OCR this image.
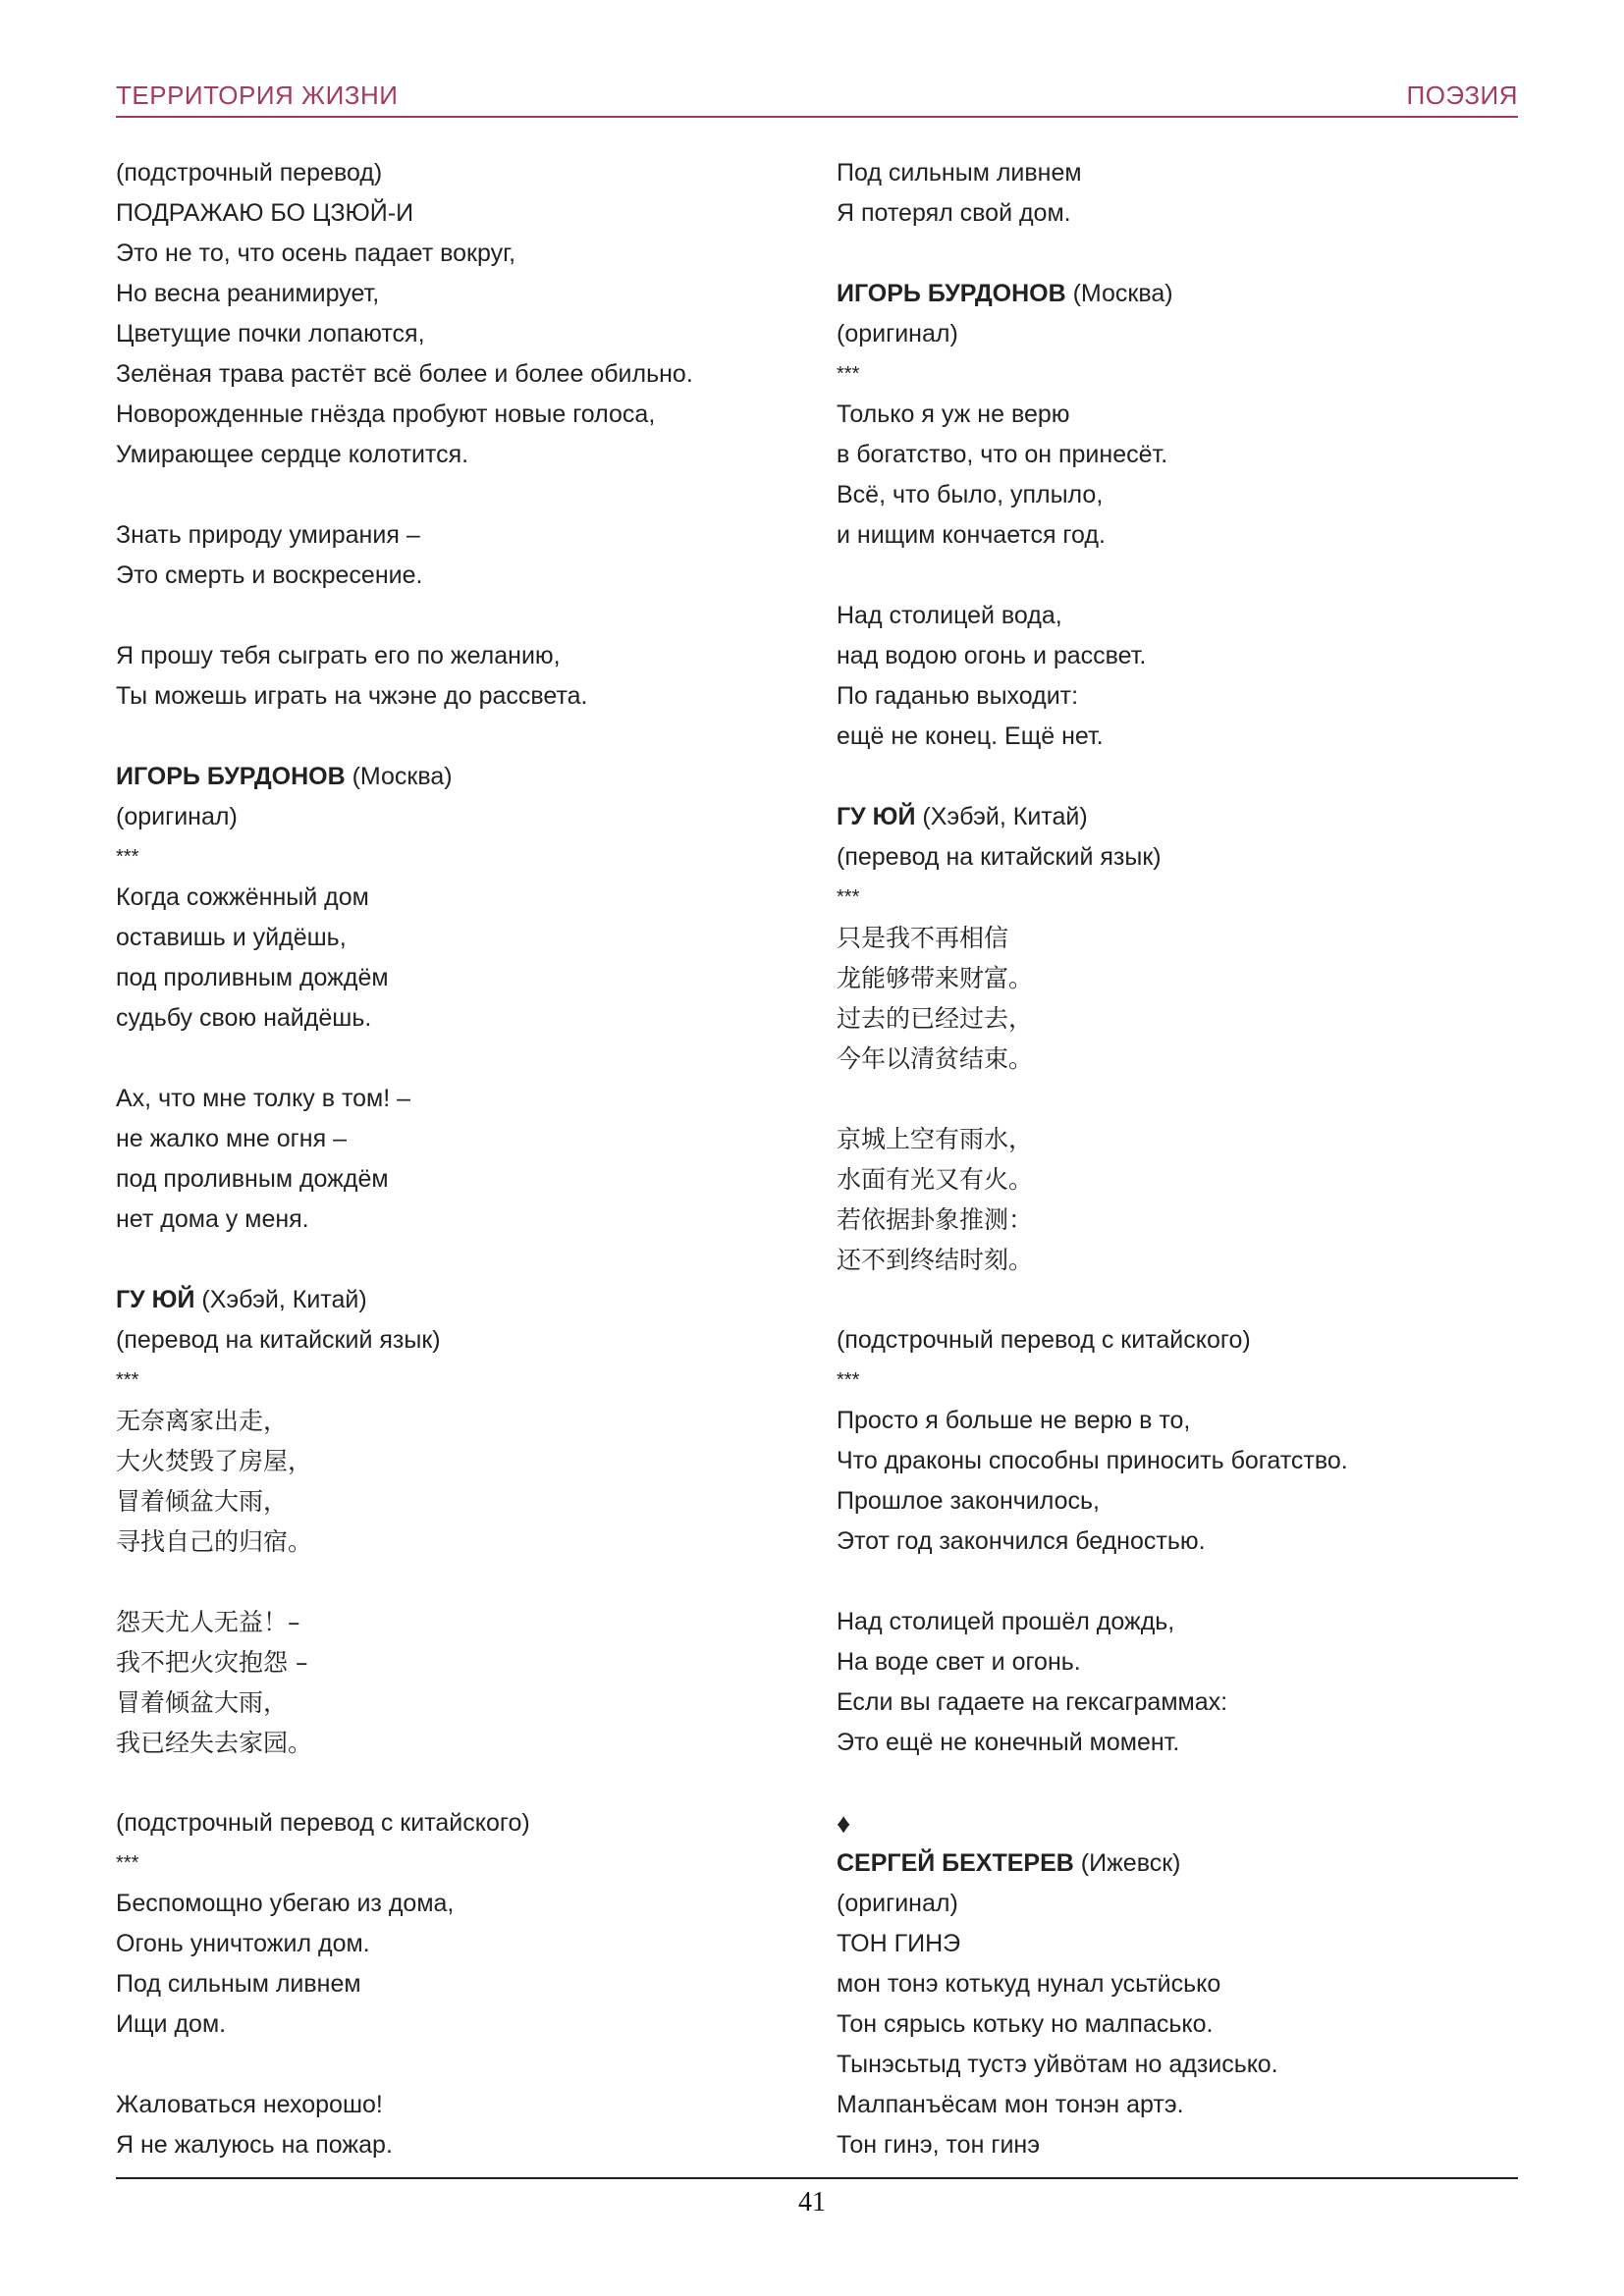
ТЕРРИТОРИЯ ЖИЗНИ	ПОЭЗИЯ
(подстрочный перевод)
ПОДРАЖАЮ БО ЦЗЮЙ-И
Это не то, что осень падает вокруг,
Но весна реанимирует,
Цветущие почки лопаются,
Зелёная трава растёт всё более и более обильно.
Новорожденные гнёзда пробуют новые голоса,
Умирающее сердце колотится.
Знать природу умирания –
Это смерть и воскресение.
Я прошу тебя сыграть его по желанию,
Ты можешь играть на чжэне до рассвета.
ИГОРЬ БУРДОНОВ (Москва)
(оригинал)
***
Когда сожжённый дом
оставишь и уйдёшь,
под проливным дождём
судьбу свою найдёшь.
Ах, что мне толку в том! –
не жалко мне огня –
под проливным дождём
нет дома у меня.
ГУ ЮЙ (Хэбэй, Китай)
(перевод на китайский язык)
***
无奈离家出走，
大火焚毁了房屋，
冒着倾盆大雨，
寻找自己的归宿。
怨天尤人无益！–
我不把火灾抱怨 –
冒着倾盆大雨，
我已经失去家园。
(подстрочный перевод с китайского)
***
Беспомощно убегаю из дома,
Огонь уничтожил дом.
Под сильным ливнем
Ищи дом.
Жаловаться нехорошо!
Я не жалуюсь на пожар.
Под сильным ливнем
Я потерял свой дом.
ИГОРЬ БУРДОНОВ (Москва)
(оригинал)
***
Только я уж не верю
в богатство, что он принесёт.
Всё, что было, уплыло,
и нищим кончается год.
Над столицей вода,
над водою огонь и рассвет.
По гаданью выходит:
ещё не конец. Ещё нет.
ГУ ЮЙ (Хэбэй, Китай)
(перевод на китайский язык)
***
只是我不再相信
龙能够带来财富。
过去的已经过去，
今年以清贫结束。
京城上空有雨水，
水面有光又有火。
若依据卦象推测：
还不到终结时刻。
(подстрочный перевод с китайского)
***
Просто я больше не верю в то,
Что драконы способны приносить богатство.
Прошлое закончилось,
Этот год закончился бедностью.
Над столицей прошёл дождь,
На воде свет и огонь.
Если вы гадаете на гексаграммах:
Это ещё не конечный момент.
♦
СЕРГЕЙ БЕХТЕРЕВ (Ижевск)
(оригинал)
ТОН ГИНЭ
мон тонэ котькуд нунал усьтӥсько
Тон сярысь котьку но малпасько.
Тынэсьтыд тустэ уйвӧтам но адзиськo.
Малпанъёсам мон тонэн артэ.
Тон гинэ, тон гинэ
41
